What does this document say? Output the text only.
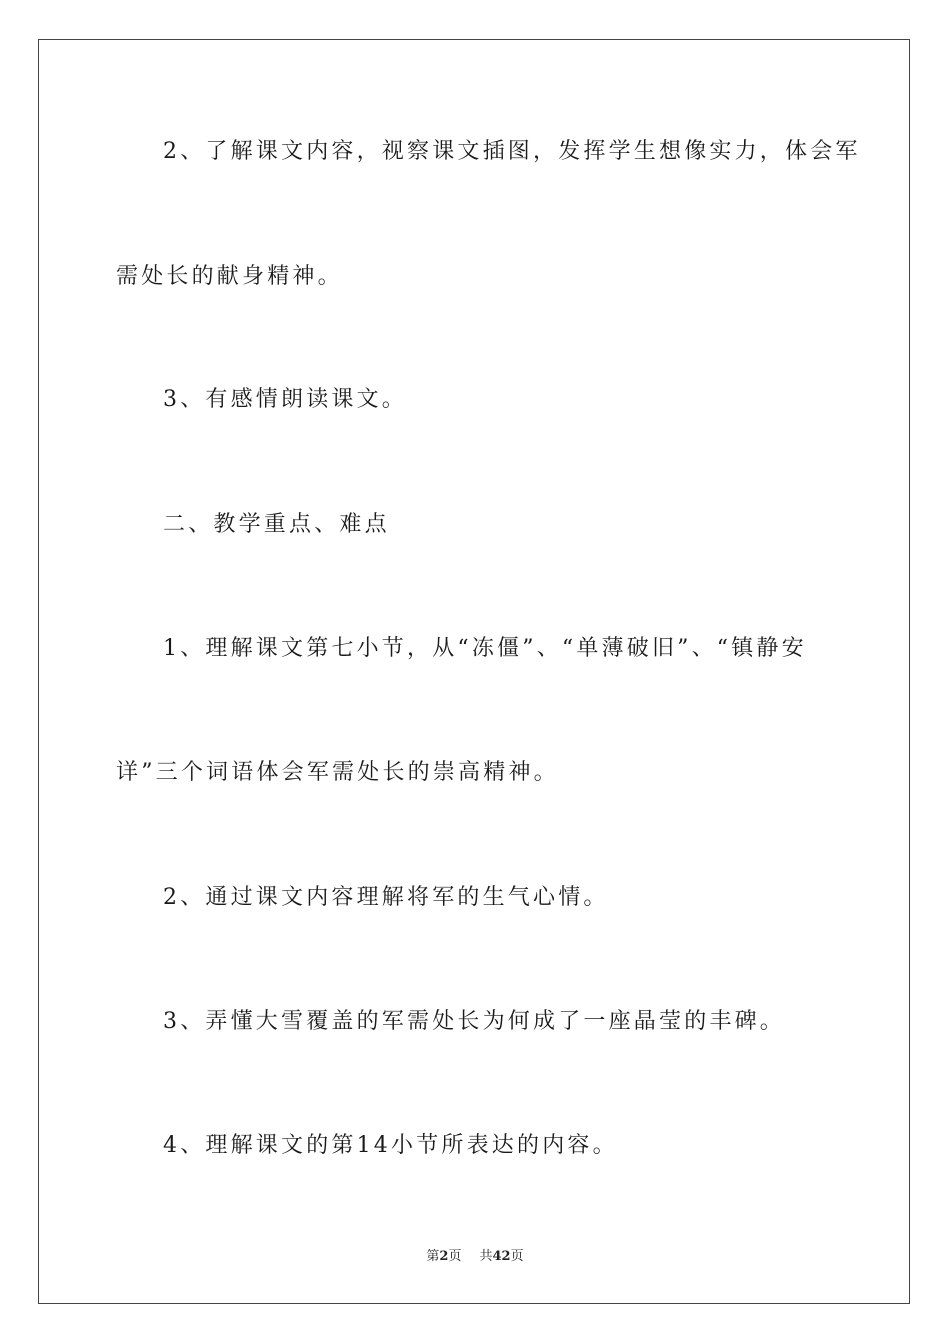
2、了解课文内容，视察课文插图，发挥学生想像实力，体会军

需处长的献身精神。

3、有感情朗读课文。

二、教学重点、难点

1、理解课文第七小节，从“冻僵”、“单薄破旧”、“镇静安

详”三个词语体会军需处长的崇高精神。

2、通过课文内容理解将军的生气心情。

3、弄懂大雪覆盖的军需处长为何成了一座晶莹的丰碑。

4、理解课文的第14小节所表达的内容。

第2页 共42页
